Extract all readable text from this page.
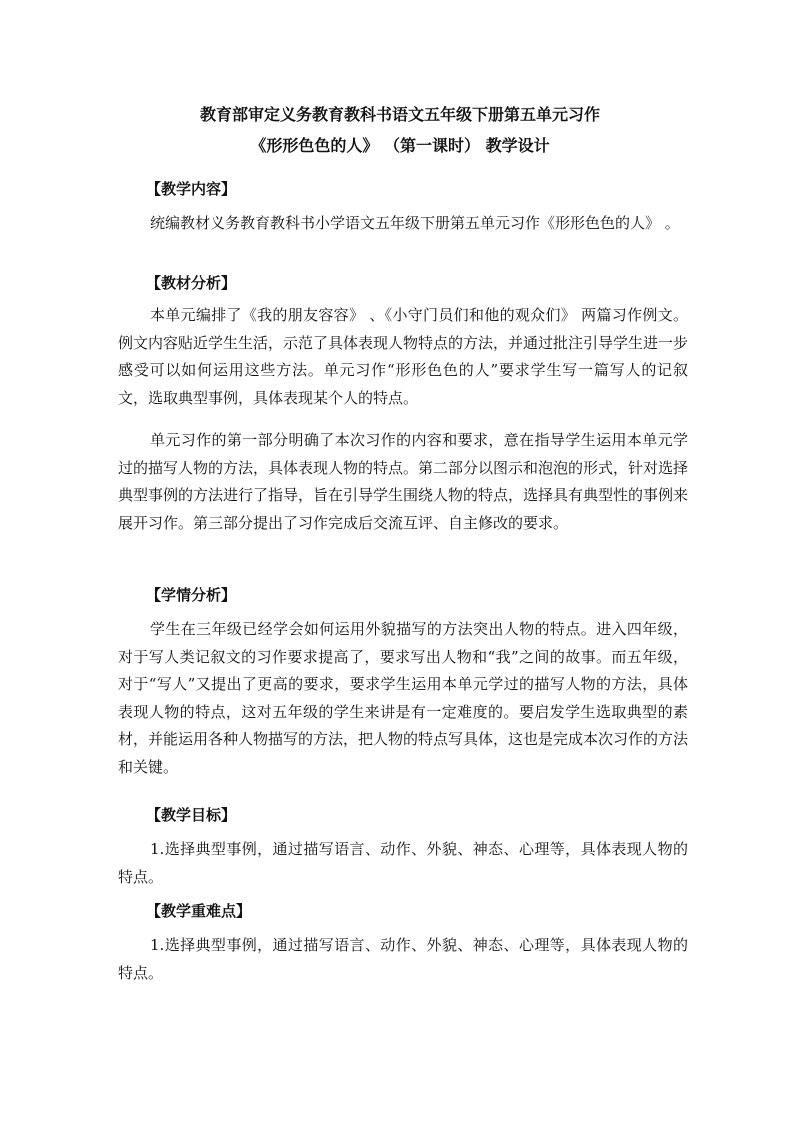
教育部审定义务教育教科书语文五年级下册第五单元习作
《形形色色的人》 （第一课时） 教学设计
【教学内容】

统编教材义务教育教科书小学语文五年级下册第五单元习作《形形色色的人》 。

【教材分析】

本单元编排了《我的朋友容容》 、《小守门员们和他的观众们》 两篇习作例文。例文内容贴近学生生活，示范了具体表现人物特点的方法，并通过批注引导学生进一步感受可以如何运用这些方法。单元习作“形形色色的人”要求学生写一篇写人的记叙文，选取典型事例，具体表现某个人的特点。

单元习作的第一部分明确了本次习作的内容和要求，意在指导学生运用本单元学过的描写人物的方法，具体表现人物的特点。第二部分以图示和泡泡的形式，针对选择典型事例的方法进行了指导，旨在引导学生围绕人物的特点，选择具有典型性的事例来展开习作。第三部分提出了习作完成后交流互评、自主修改的要求。

【学情分析】

学生在三年级已经学会如何运用外貌描写的方法突出人物的特点。进入四年级，对于写人类记叙文的习作要求提高了，要求写出人物和“我”之间的故事。而五年级，对于“写人”又提出了更高的要求，要求学生运用本单元学过的描写人物的方法，具体表现人物的特点，这对五年级的学生来讲是有一定难度的。要启发学生选取典型的素材，并能运用各种人物描写的方法，把人物的特点写具体，这也是完成本次习作的方法和关键。

【教学目标】

1.选择典型事例，通过描写语言、动作、外貌、神态、心理等，具体表现人物的特点。

【教学重难点】

1.选择典型事例，通过描写语言、动作、外貌、神态、心理等，具体表现人物的特点。
